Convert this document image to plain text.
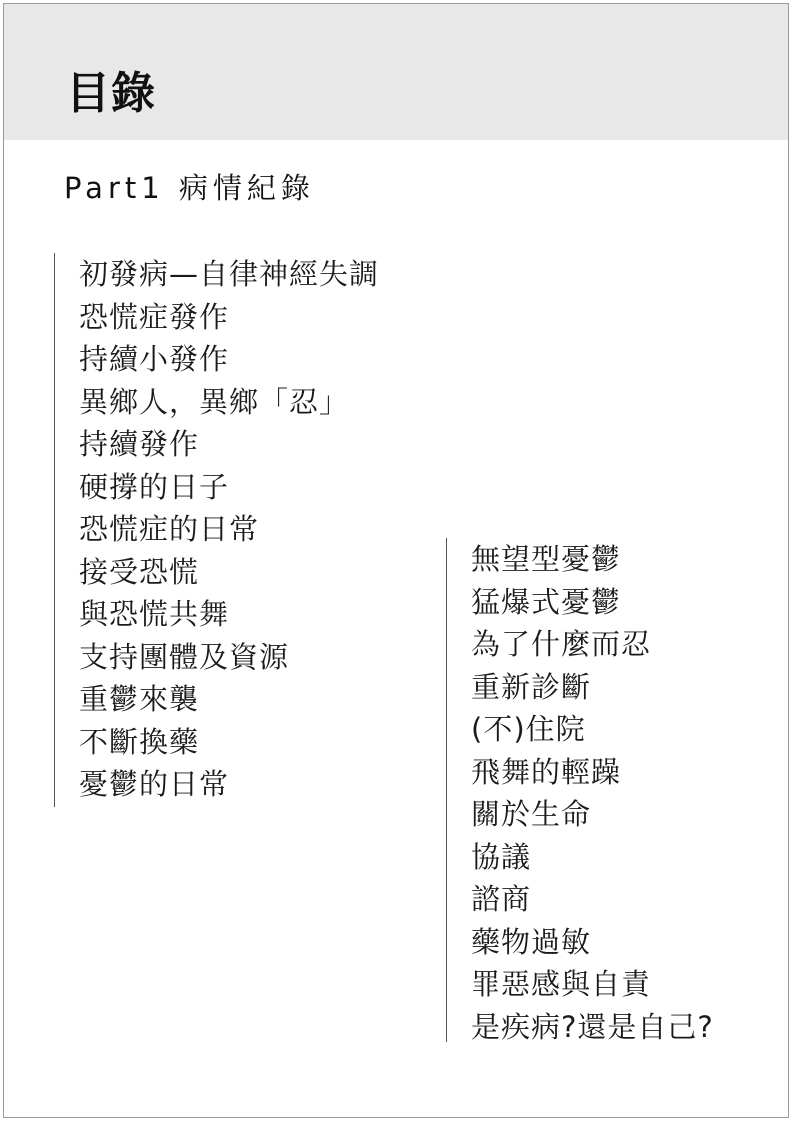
目錄
Part1 病情紀錄
初發病—自律神經失調
恐慌症發作
持續小發作
異鄉人，異鄉「忍」
持續發作
硬撐的日子
恐慌症的日常
接受恐慌
與恐慌共舞
支持團體及資源
重鬱來襲
不斷換藥
憂鬱的日常
無望型憂鬱
猛爆式憂鬱
為了什麼而忍
重新診斷
(不)住院
飛舞的輕躁
關於生命
協議
諮商
藥物過敏
罪惡感與自責
是疾病?還是自己?
